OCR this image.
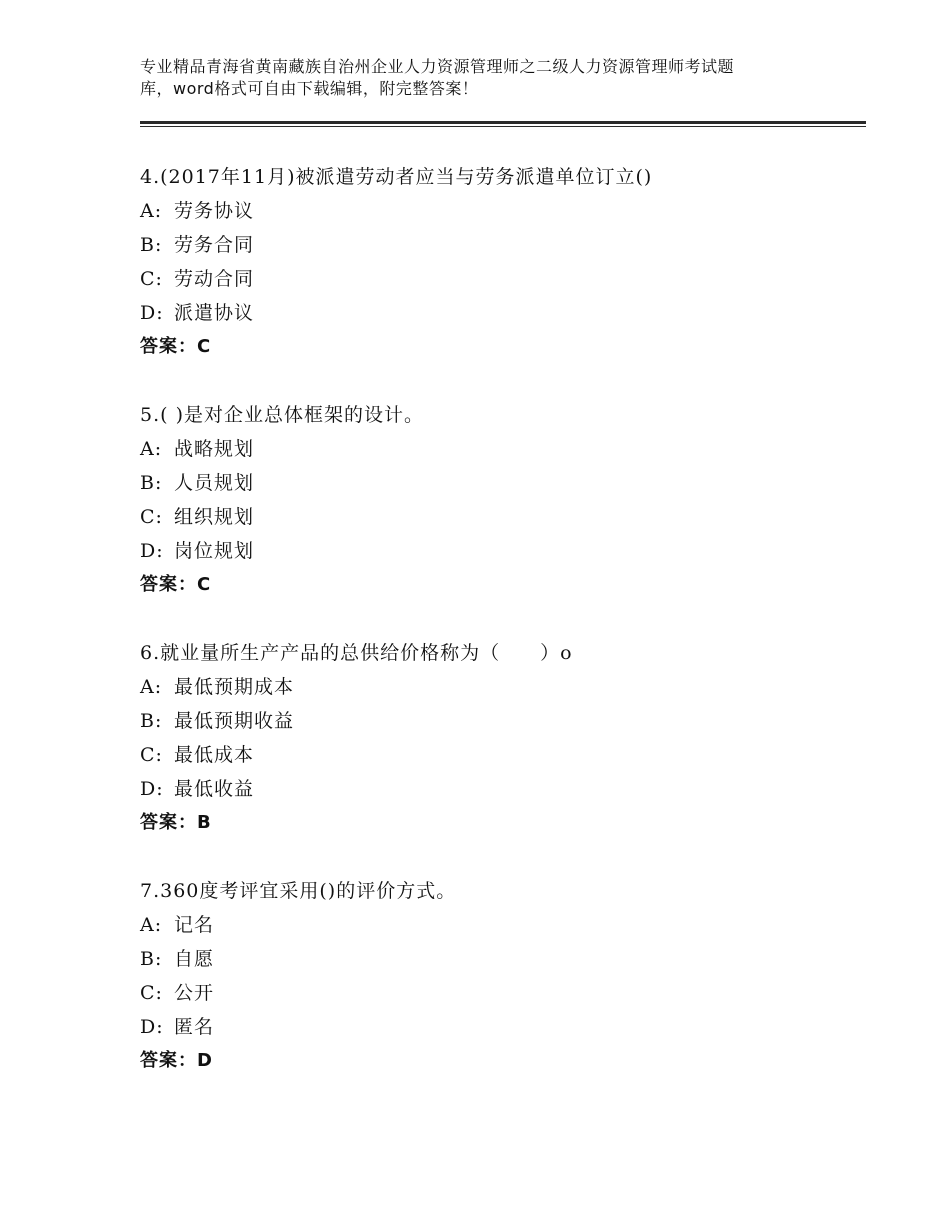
专业精品青海省黄南藏族自治州企业人力资源管理师之二级人力资源管理师考试题
库，word格式可自由下载编辑，附完整答案！
4.(2017年11月)被派遣劳动者应当与劳务派遣单位订立()
A: 劳务协议
B: 劳务合同
C: 劳动合同
D: 派遣协议
答案：C
5.( )是对企业总体框架的设计。
A: 战略规划
B: 人员规划
C: 组织规划
D: 岗位规划
答案：C
6.就业量所生产产品的总供给价格称为（　　）o
A: 最低预期成本
B: 最低预期收益
C: 最低成本
D: 最低收益
答案：B
7.360度考评宜采用()的评价方式。
A: 记名
B: 自愿
C: 公开
D: 匿名
答案：D
